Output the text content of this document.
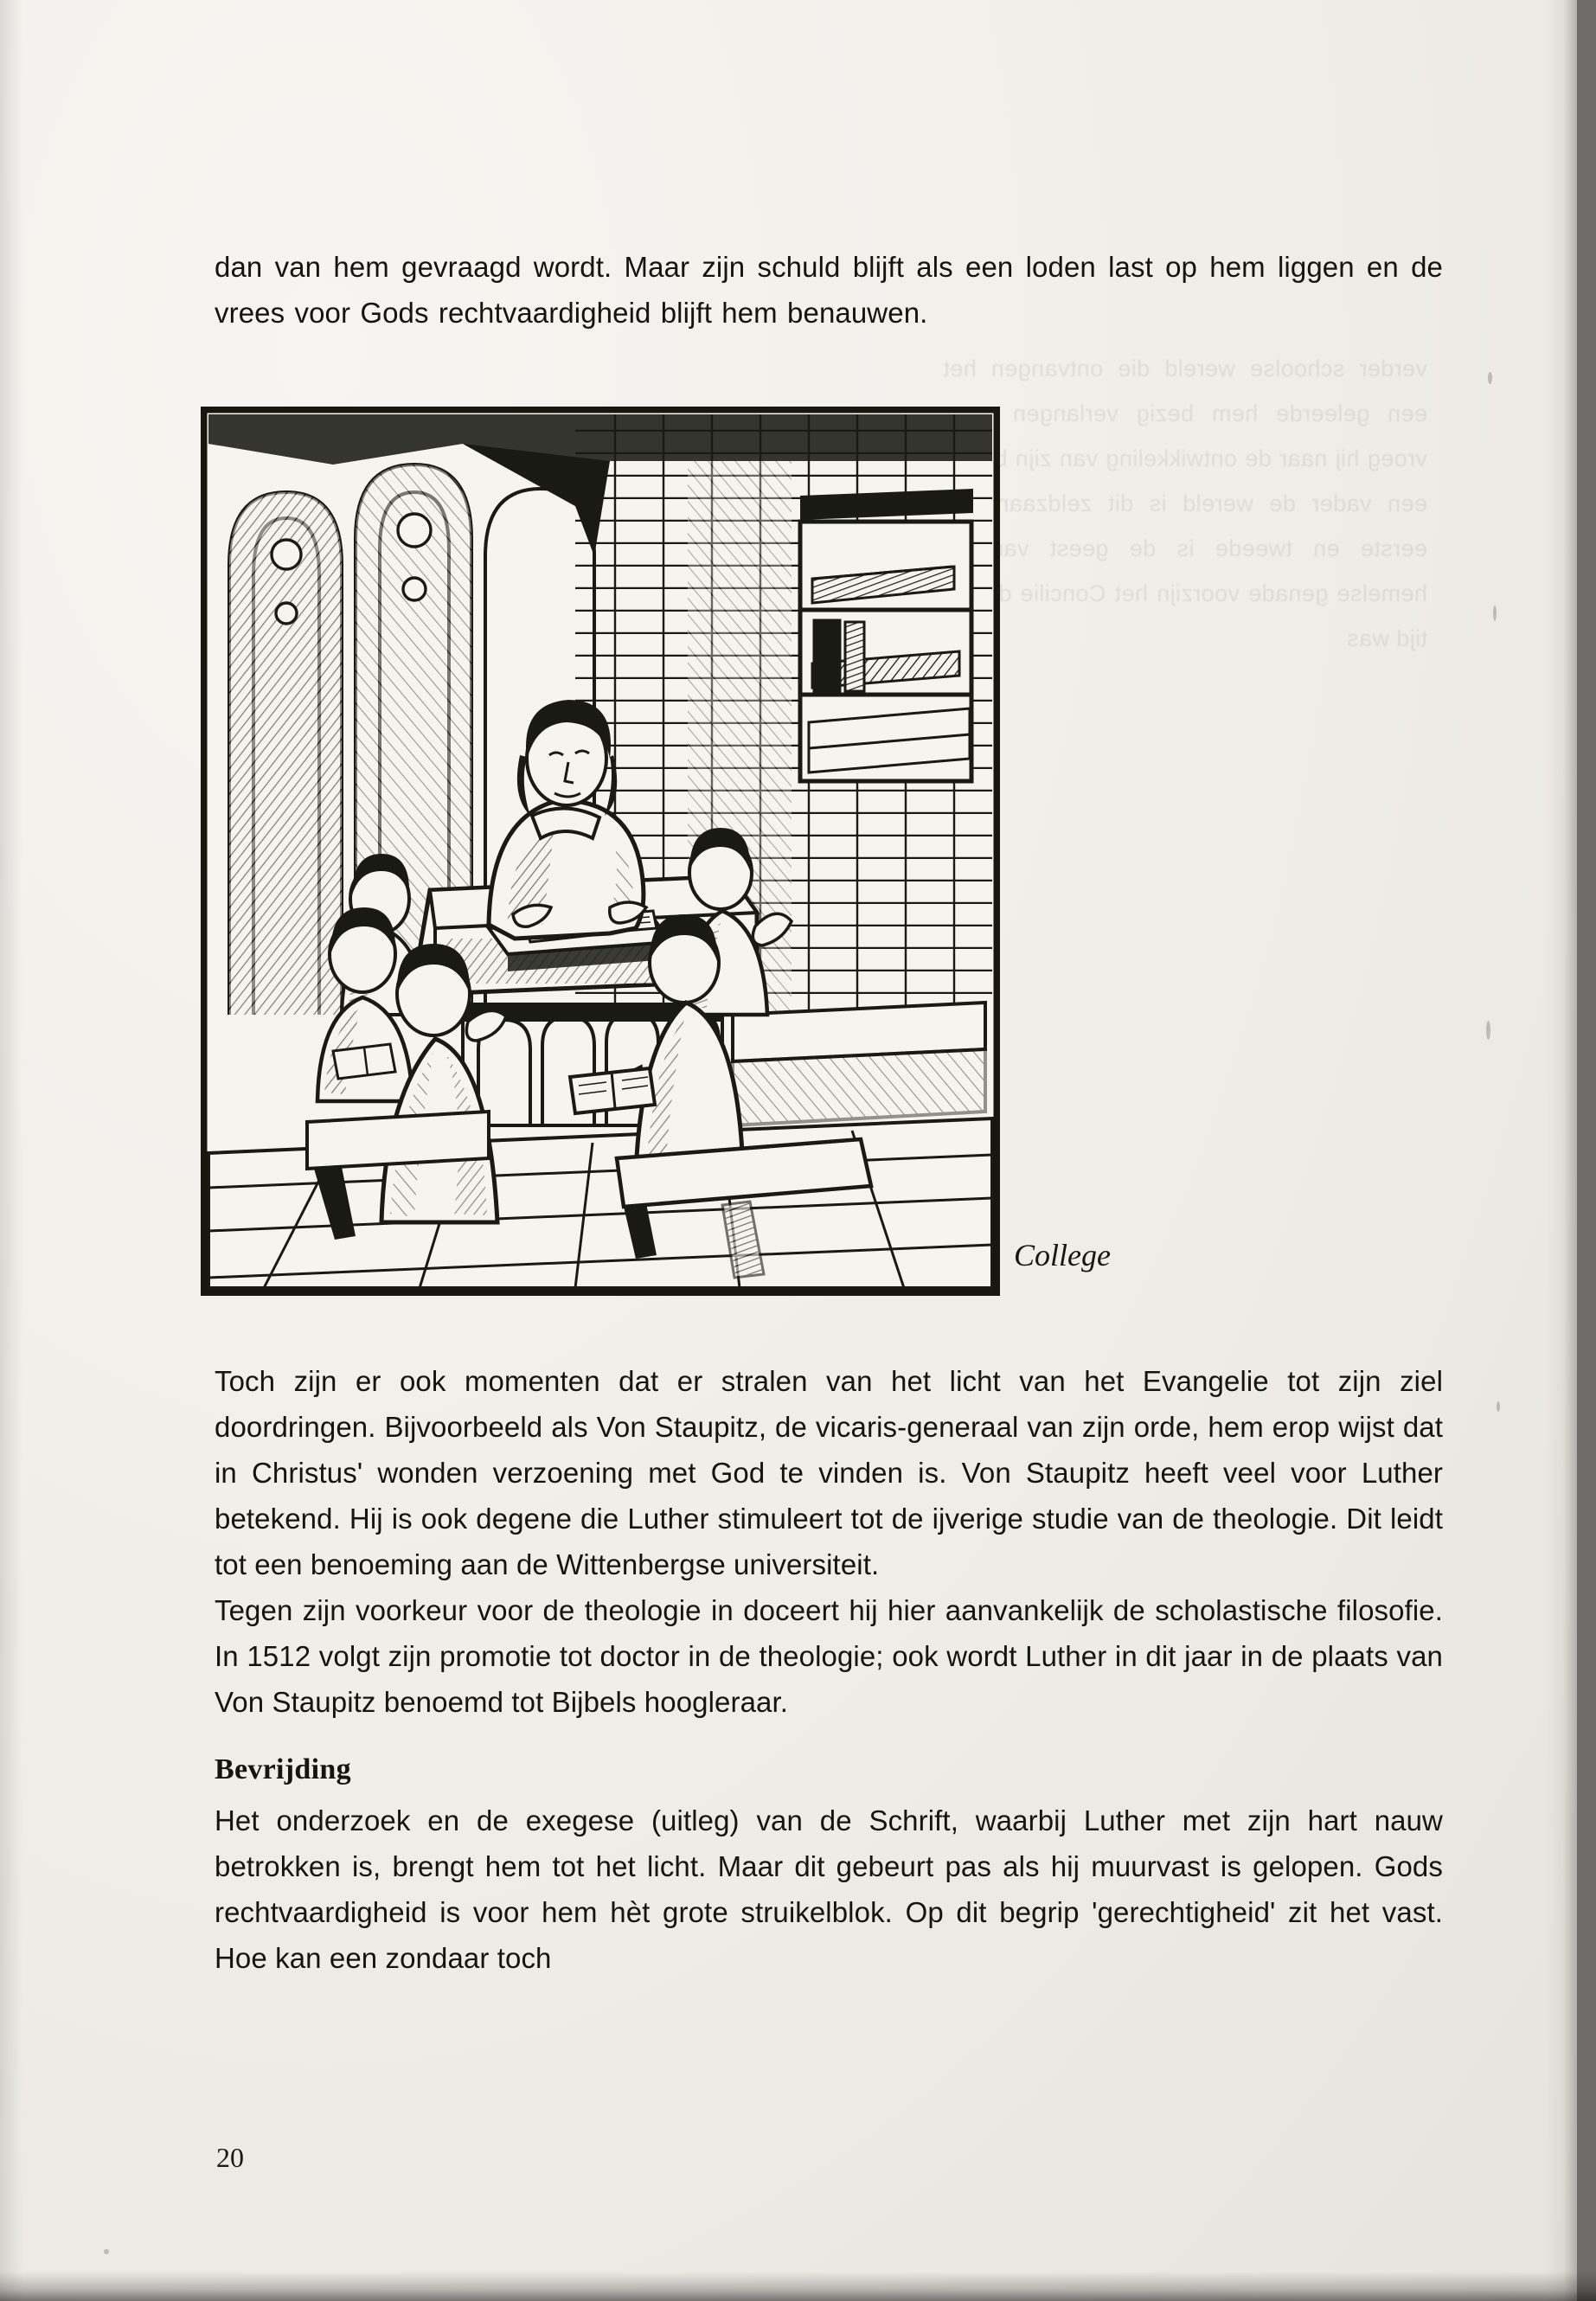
verder schoolse wereld die ontvangen het een geleerde hem bezig verlangen weer vroeg hij naar de ontwikkeling van zijn biecht een vader de wereld is dit zeldzaam De eerste en tweede is de geest van de hemelse genade voorzijn het Concilie dat de tijd was

dan van hem gevraagd wordt. Maar zijn schuld blijft als een loden last op hem liggen en de vrees voor Gods rechtvaardigheid blijft hem benauwen.

College

Toch zijn er ook momenten dat er stralen van het licht van het Evangelie tot zijn ziel doordringen. Bijvoorbeeld als Von Staupitz, de vicaris-generaal van zijn orde, hem erop wijst dat in Christus' wonden verzoening met God te vinden is. Von Staupitz heeft veel voor Luther betekend. Hij is ook degene die Luther stimuleert tot de ijverige studie van de theologie. Dit leidt tot een benoeming aan de Wittenbergse universiteit.

Tegen zijn voorkeur voor de theologie in doceert hij hier aanvankelijk de scholastische filosofie. In 1512 volgt zijn promotie tot doctor in de theologie; ook wordt Luther in dit jaar in de plaats van Von Staupitz benoemd tot Bijbels hoogleraar.

Bevrijding

Het onderzoek en de exegese (uitleg) van de Schrift, waarbij Luther met zijn hart nauw betrokken is, brengt hem tot het licht. Maar dit gebeurt pas als hij muurvast is gelopen. Gods rechtvaardigheid is voor hem hèt grote struikelblok. Op dit begrip 'gerechtigheid' zit het vast. Hoe kan een zondaar toch

20
